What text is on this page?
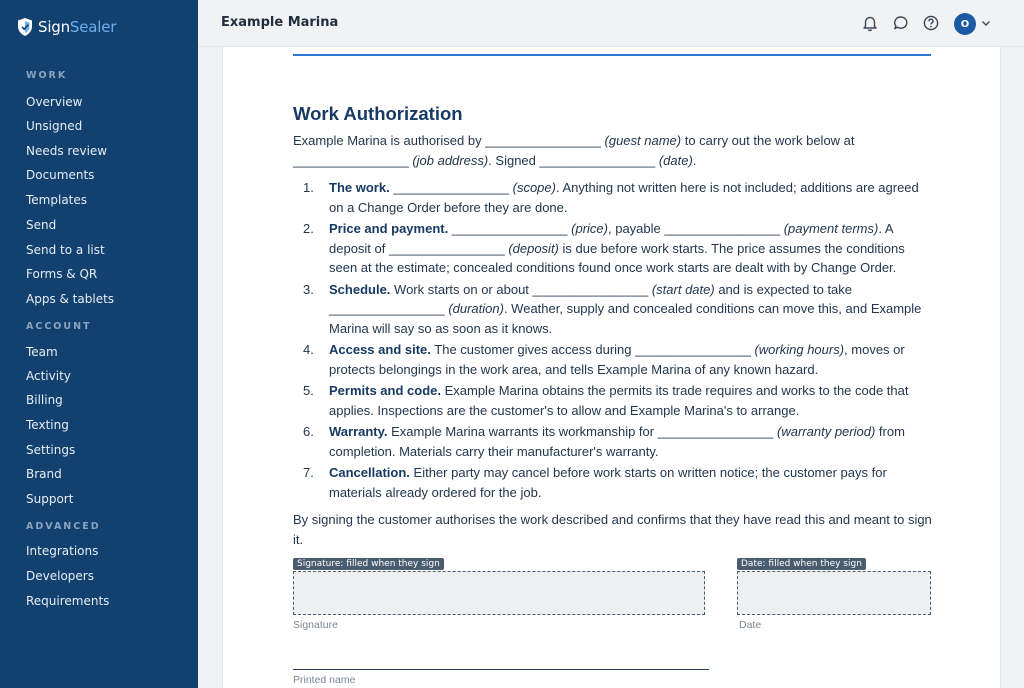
SignSealer
WORK
Overview
Unsigned
Needs review
Documents
Templates
Send
Send to a list
Forms & QR
Apps & tablets
ACCOUNT
Team
Activity
Billing
Texting
Settings
Brand
Support
ADVANCED
Integrations
Developers
Requirements
Example Marina	O
Work Authorization
Example Marina is authorised by ________________ (guest name) to carry out the work below at ________________ (job address). Signed ________________ (date).
1. The work. ________________ (scope). Anything not written here is not included; additions are agreed on a Change Order before they are done.
2. Price and payment. ________________ (price), payable ________________ (payment terms). A deposit of ________________ (deposit) is due before work starts. The price assumes the conditions seen at the estimate; concealed conditions found once work starts are dealt with by Change Order.
3. Schedule. Work starts on or about ________________ (start date) and is expected to take ________________ (duration). Weather, supply and concealed conditions can move this, and Example Marina will say so as soon as it knows.
4. Access and site. The customer gives access during ________________ (working hours), moves or protects belongings in the work area, and tells Example Marina of any known hazard.
5. Permits and code. Example Marina obtains the permits its trade requires and works to the code that applies. Inspections are the customer's to allow and Example Marina's to arrange.
6. Warranty. Example Marina warrants its workmanship for ________________ (warranty period) from completion. Materials carry their manufacturer's warranty.
7. Cancellation. Either party may cancel before work starts on written notice; the customer pays for materials already ordered for the job.
By signing the customer authorises the work described and confirms that they have read this and meant to sign it.
Signature: filled when they sign
Signature
Date: filled when they sign
Date
Printed name
